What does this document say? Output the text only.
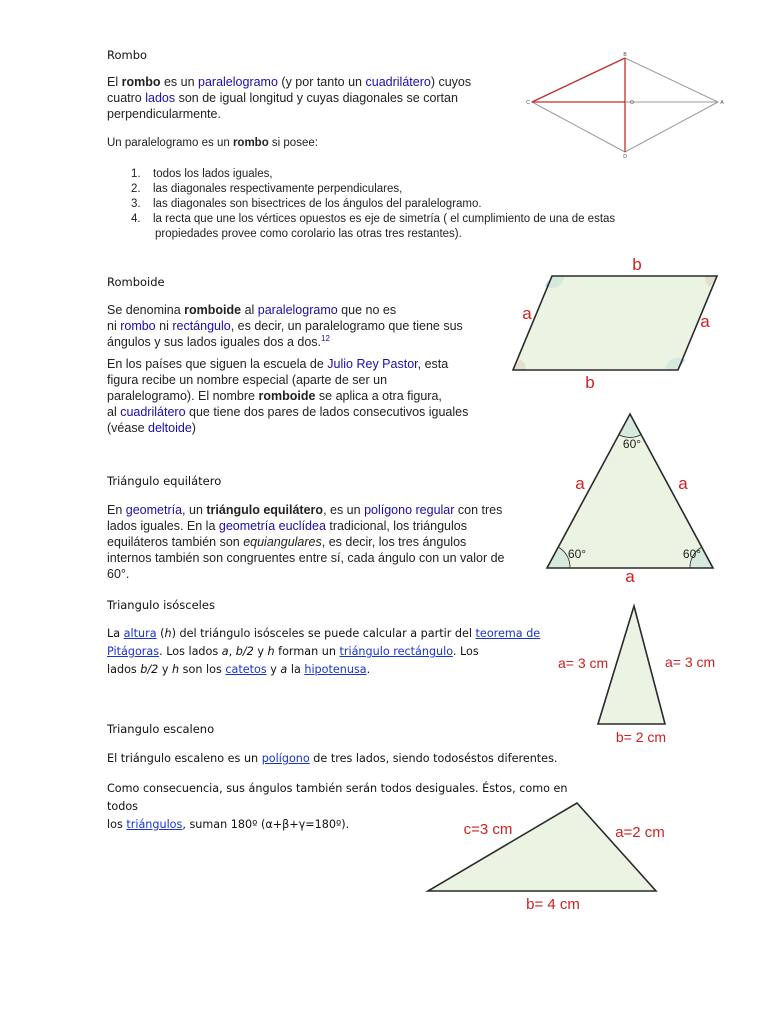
Rombo
El rombo es un paralelogramo (y por tanto un cuadrilátero) cuyos
cuatro lados son de igual longitud y cuyas diagonales se cortan
perpendicularmente.
Un paralelogramo es un rombo si posee:
1. todos los lados iguales,
2. las diagonales respectivamente perpendiculares,
3. las diagonales son bisectrices de los ángulos del paralelogramo.
4. la recta que une los vértices opuestos es eje de simetría ( el cumplimiento de una de estas
propiedades provee como corolario las otras tres restantes).
B
C	A
D
O
Romboide
Se denomina romboide al paralelogramo que no es
ni rombo ni rectángulo, es decir, un paralelogramo que tiene sus
ángulos y sus lados iguales dos a dos.$^{12}$
En los países que siguen la escuela de Julio Rey Pastor, esta
figura recibe un nombre especial (aparte de ser un
paralelogramo). El nombre romboide se aplica a otra figura,
al cuadrilátero que tiene dos pares de lados consecutivos iguales
(véase deltoide)
b
b
a	a
Triángulo equilátero
En geometría, un triángulo equilátero, es un polígono regular con tres
lados iguales. En la geometría euclídea tradicional, los triángulos
equiláteros también son equiangulares, es decir, los tres ángulos
internos también son congruentes entre sí, cada ángulo con un valor de
60°.
60°
60°	60°
a	a
a
Triangulo isósceles
La altura (h) del triángulo isósceles se puede calcular a partir del teorema de
Pitágoras. Los lados a, b/2 y h forman un triángulo rectángulo. Los
lados b/2 y h son los catetos y a la hipotenusa.	a= 3 cm	a= 3 cm
b= 2 cm
Triangulo escaleno
El triángulo escaleno es un polígono de tres lados, siendo todoséstos diferentes.
Como consecuencia, sus ángulos también serán todos desiguales. Éstos, como en todos
los triángulos, suman 180º (α+β+γ=180º).	c=3 cm	a=2 cm
b= 4 cm
